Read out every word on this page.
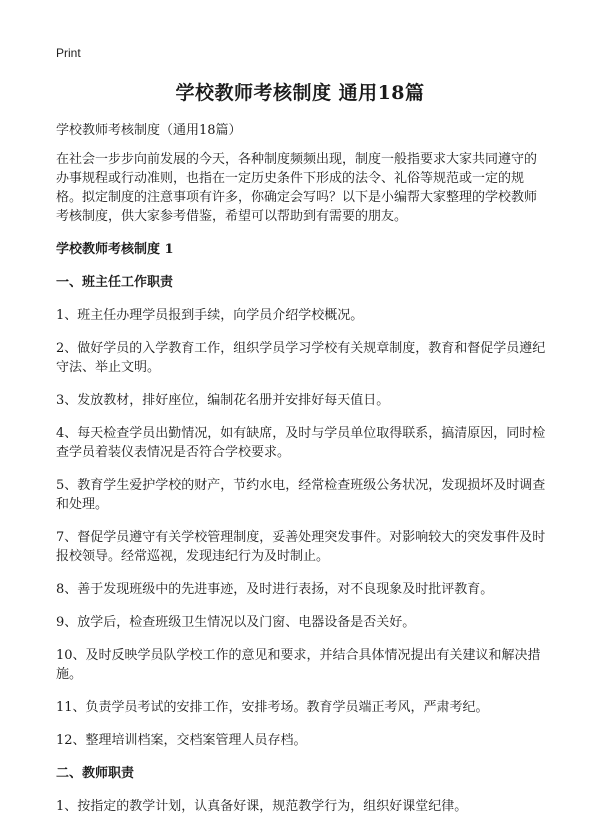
Print
学校教师考核制度 通用18篇

学校教师考核制度（通用18篇）

在社会一步步向前发展的今天，各种制度频频出现，制度一般指要求大家共同遵守的办事规程或行动准则，也指在一定历史条件下形成的法令、礼俗等规范或一定的规格。拟定制度的注意事项有许多，你确定会写吗？以下是小编帮大家整理的学校教师考核制度，供大家参考借鉴，希望可以帮助到有需要的朋友。

学校教师考核制度 1

一、班主任工作职责

1、班主任办理学员报到手续，向学员介绍学校概况。

2、做好学员的入学教育工作，组织学员学习学校有关规章制度，教育和督促学员遵纪守法、举止文明。

3、发放教材，排好座位，编制花名册并安排好每天值日。

4、每天检查学员出勤情况，如有缺席，及时与学员单位取得联系，搞清原因，同时检查学员着装仪表情况是否符合学校要求。

5、教育学生爱护学校的财产，节约水电，经常检查班级公务状况，发现损坏及时调查和处理。

7、督促学员遵守有关学校管理制度，妥善处理突发事件。对影响较大的突发事件及时报校领导。经常巡视，发现违纪行为及时制止。

8、善于发现班级中的先进事迹，及时进行表扬，对不良现象及时批评教育。

9、放学后，检查班级卫生情况以及门窗、电器设备是否关好。

10、及时反映学员队学校工作的意见和要求，并结合具体情况提出有关建议和解决措施。

11、负责学员考试的安排工作，安排考场。教育学员端正考风，严肃考纪。

12、整理培训档案，交档案管理人员存档。

二、教师职责

1、按指定的教学计划，认真备好课，规范教学行为，组织好课堂纪律。
